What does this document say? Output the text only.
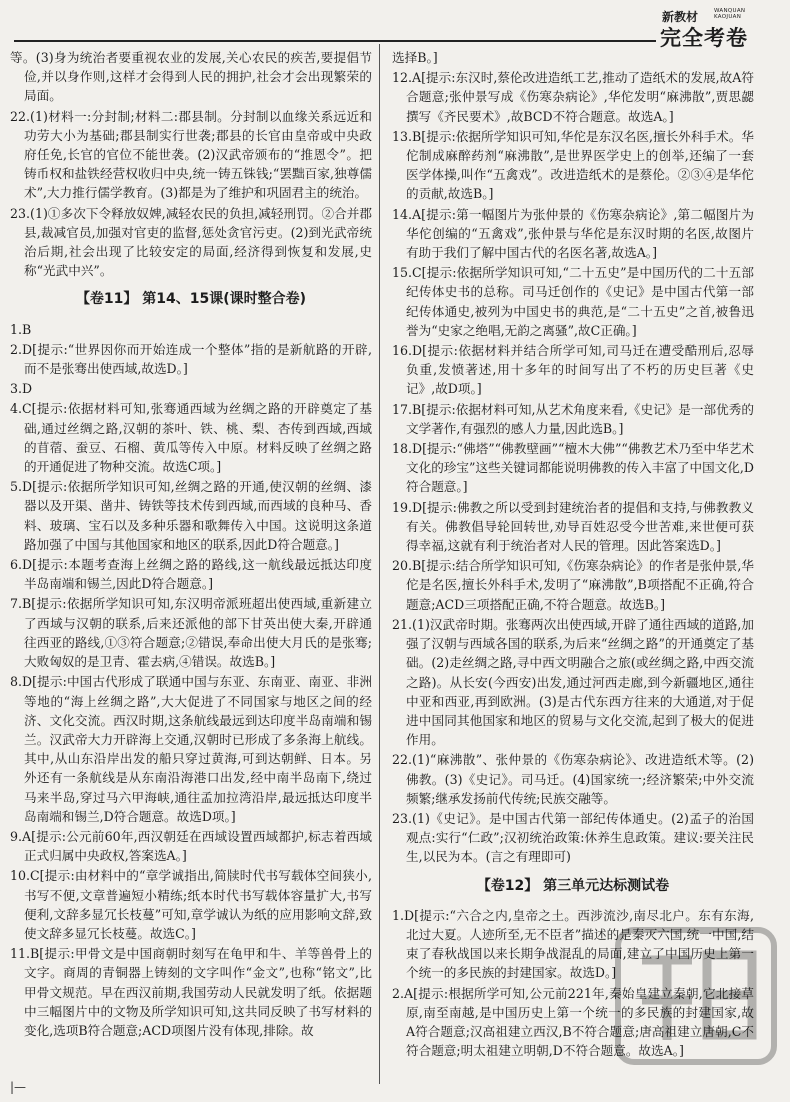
新教材	WANQUAN KAOJUAN
完全考卷
等。(3)身为统治者要重视农业的发展,关心农民的疾苦,要提倡节俭,并以身作则,这样才会得到人民的拥护,社会才会出现繁荣的局面。
22.(1)材料一:分封制;材料二:郡县制。分封制以血缘关系远近和功劳大小为基础;郡县制实行世袭;郡县的长官由皇帝或中央政府任免,长官的官位不能世袭。(2)汉武帝颁布的“推恩令”。把铸币权和盐铁经营权收归中央,统一铸五铢钱;“罢黜百家,独尊儒术”,大力推行儒学教育。(3)都是为了维护和巩固君主的统治。
23.(1)①多次下令释放奴婢,减轻农民的负担,减轻刑罚。②合并郡县,裁减官员,加强对官吏的监督,惩处贪官污吏。(2)到光武帝统治后期,社会出现了比较安定的局面,经济得到恢复和发展,史称“光武中兴”。
【卷11】 第14、15课(课时整合卷)
1.B
2.D[提示:“世界因你而开始连成一个整体”指的是新航路的开辟,而不是张骞出使西域,故选D。]
3.D
4.C[提示:依据材料可知,张骞通西域为丝绸之路的开辟奠定了基础,通过丝绸之路,汉朝的茶叶、铁、桃、梨、杏传到西域,西域的苜蓿、蚕豆、石榴、黄瓜等传入中原。材料反映了丝绸之路的开通促进了物种交流。故选C项。]
5.D[提示:依据所学知识可知,丝绸之路的开通,使汉朝的丝绸、漆器以及开渠、凿井、铸铁等技术传到西域,而西域的良种马、香料、玻璃、宝石以及多种乐器和歌舞传入中国。这说明这条道路加强了中国与其他国家和地区的联系,因此D符合题意。]
6.D[提示:本题考查海上丝绸之路的路线,这一航线最远抵达印度半岛南端和锡兰,因此D符合题意。]
7.B[提示:依据所学知识可知,东汉明帝派班超出使西域,重新建立了西域与汉朝的联系,后来还派他的部下甘英出使大秦,开辟通往西亚的路线,①③符合题意;②错误,奉命出使大月氏的是张骞;大败匈奴的是卫青、霍去病,④错误。故选B。]
8.D[提示:中国古代形成了联通中国与东亚、东南亚、南亚、非洲等地的“海上丝绸之路”,大大促进了不同国家与地区之间的经济、文化交流。西汉时期,这条航线最远到达印度半岛南端和锡兰。汉武帝大力开辟海上交通,汉朝时已形成了多条海上航线。其中,从山东沿岸出发的船只穿过黄海,可到达朝鲜、日本。另外还有一条航线是从东南沿海港口出发,经中南半岛南下,绕过马来半岛,穿过马六甲海峡,通往孟加拉湾沿岸,最远抵达印度半岛南端和锡兰,D符合题意。故选D项。]
9.A[提示:公元前60年,西汉朝廷在西域设置西域都护,标志着西域正式归属中央政权,答案选A。]
10.C[提示:由材料中的“章学诚指出,简牍时代书写载体空间狭小,书写不便,文章普遍短小精练;纸本时代书写载体容量扩大,书写便利,文辞多显冗长枝蔓”可知,章学诚认为纸的应用影响文辞,致使文辞多显冗长枝蔓。故选C。]
11.B[提示:甲骨文是中国商朝时刻写在龟甲和牛、羊等兽骨上的文字。商周的青铜器上铸刻的文字叫作“金文”,也称“铭文”,比甲骨文规范。早在西汉前期,我国劳动人民就发明了纸。依据题中三幅图片中的文物及所学知识可知,这共同反映了书写材料的变化,选项B符合题意;ACD项图片没有体现,排除。故
选择B。]
12.A[提示:东汉时,蔡伦改进造纸工艺,推动了造纸术的发展,故A符合题意;张仲景写成《伤寒杂病论》,华佗发明“麻沸散”,贾思勰撰写《齐民要术》,故BCD不符合题意。故选A。]
13.B[提示:依据所学知识可知,华佗是东汉名医,擅长外科手术。华佗制成麻醉药剂“麻沸散”,是世界医学史上的创举,还编了一套医学体操,叫作“五禽戏”。改进造纸术的是蔡伦。②③④是华佗的贡献,故选B。]
14.A[提示:第一幅图片为张仲景的《伤寒杂病论》,第二幅图片为华佗创编的“五禽戏”,张仲景与华佗是东汉时期的名医,故图片有助于我们了解中国古代的名医名著,故选A。]
15.C[提示:依据所学知识可知,“二十五史”是中国历代的二十五部纪传体史书的总称。司马迁创作的《史记》是中国古代第一部纪传体通史,被列为中国史书的典范,是“二十五史”之首,被鲁迅誉为“史家之绝唱,无韵之离骚”,故C正确。]
16.D[提示:依据材料并结合所学可知,司马迁在遭受酷刑后,忍辱负重,发愤著述,用十多年的时间写出了不朽的历史巨著《史记》,故D项。]
17.B[提示:依据材料可知,从艺术角度来看,《史记》是一部优秀的文学著作,有强烈的感人力量,因此选B。]
18.D[提示:“佛塔”“佛教壁画”“檀木大佛”“佛教艺术乃至中华艺术文化的珍宝”这些关键词都能说明佛教的传入丰富了中国文化,D符合题意。]
19.D[提示:佛教之所以受到封建统治者的提倡和支持,与佛教教义有关。佛教倡导轮回转世,劝导百姓忍受今世苦难,来世便可获得幸福,这就有利于统治者对人民的管理。因此答案选D。]
20.B[提示:结合所学知识可知,《伤寒杂病论》的作者是张仲景,华佗是名医,擅长外科手术,发明了“麻沸散”,B项搭配不正确,符合题意;ACD三项搭配正确,不符合题意。故选B。]
21.(1)汉武帝时期。张骞两次出使西域,开辟了通往西域的道路,加强了汉朝与西域各国的联系,为后来“丝绸之路”的开通奠定了基础。(2)走丝绸之路,寻中西文明融合之旅(或丝绸之路,中西交流之路)。从长安(今西安)出发,通过河西走廊,到今新疆地区,通往中亚和西亚,再到欧洲。(3)是古代东西方往来的大通道,对于促进中国同其他国家和地区的贸易与文化交流,起到了极大的促进作用。
22.(1)“麻沸散”、张仲景的《伤寒杂病论》、改进造纸术等。(2)佛教。(3)《史记》。司马迁。(4)国家统一;经济繁荣;中外交流频繁;继承发扬前代传统;民族交融等。
23.(1)《史记》。是中国古代第一部纪传体通史。(2)孟子的治国观点:实行“仁政”;汉初统治政策:休养生息政策。建议:要关注民生,以民为本。(言之有理即可)
【卷12】 第三单元达标测试卷
1.D[提示:“六合之内,皇帝之土。西涉流沙,南尽北户。东有东海,北过大夏。人迹所至,无不臣者”描述的是秦灭六国,统一中国,结束了春秋战国以来长期争战混乱的局面,建立了中国历史上第一个统一的多民族的封建国家。故选D。]
2.A[提示:根据所学可知,公元前221年,秦始皇建立秦朝,它北接草原,南至南越,是中国历史上第一个统一的多民族的封建国家,故A符合题意;汉高祖建立西汉,B不符合题意;唐高祖建立唐朝,C不符合题意;明太祖建立明朝,D不符合题意。故选A。]
|—
